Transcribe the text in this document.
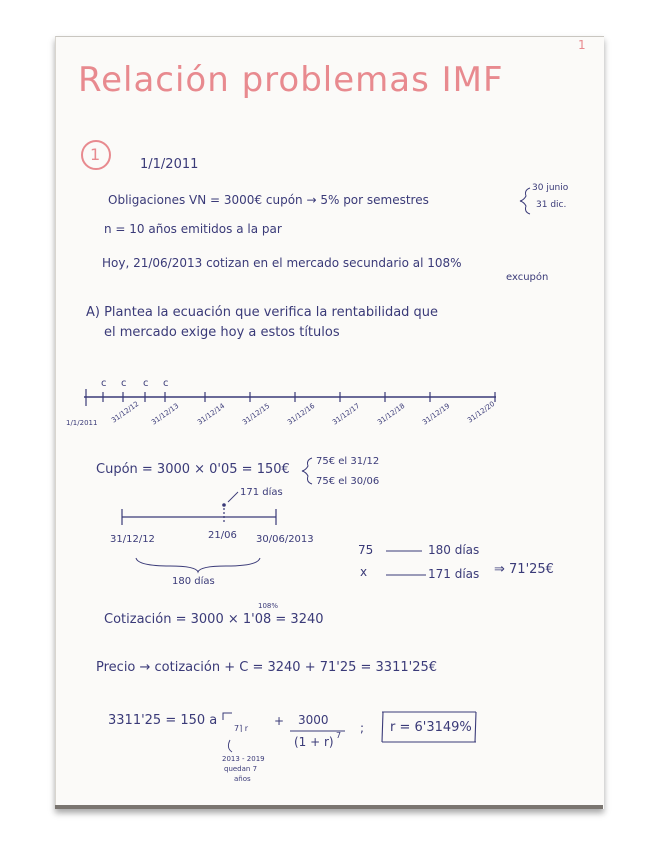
Relación problemas IMF
1
1
1/1/2011
Obligaciones VN = 3000€ cupón → 5% por semestres
30 junio
31 dic.
n = 10 años emitidos a la par
Hoy, 21/06/2013 cotizan en el mercado secundario al 108%
excupón
A) Plantea la ecuación que verifica la rentabilidad que
el mercado exige hoy a estos títulos
c c c c
1/1/2011 31/12/12 31/12/13 31/12/14 31/12/15 31/12/16 31/12/17 31/12/18 31/12/19 31/12/20
Cupón = 3000 × 0'05 = 150€
75€ el 31/12
75€ el 30/06
171 días
31/12/12	21/06 30/06/2013
180 días
75	180 días
x	171 días ⇒ 71'25€
108%
Cotización = 3000 × 1'08 = 3240
Precio → cotización + C = 3240 + 71'25 = 3311'25€
3311'25 = 150 a
7⌉ r
+ 3000
(1 + r) 7
; r = 6'3149%
2013 - 2019
quedan 7
años
